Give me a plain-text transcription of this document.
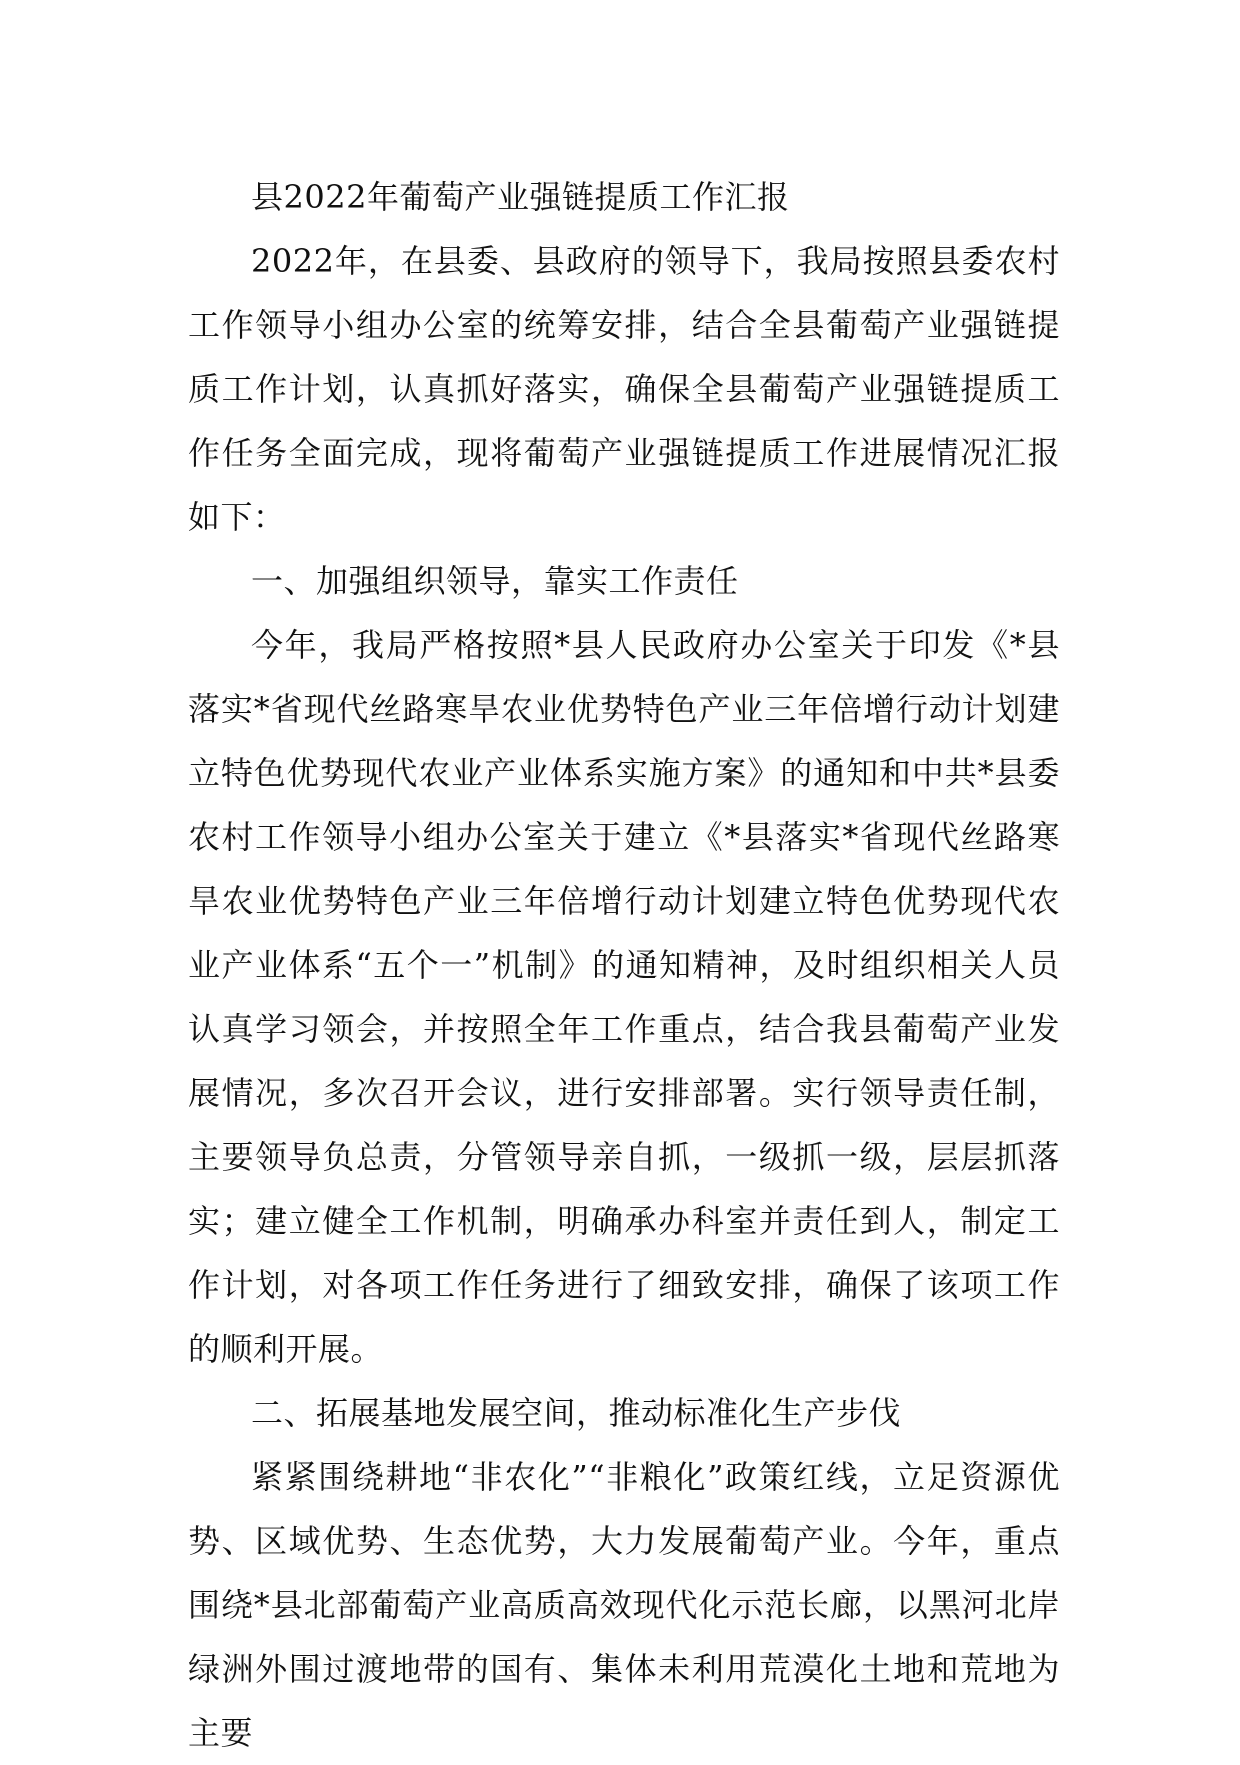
县2022年葡萄产业强链提质工作汇报

2022年，在县委、县政府的领导下，我局按照县委农村工作领导小组办公室的统筹安排，结合全县葡萄产业强链提质工作计划，认真抓好落实，确保全县葡萄产业强链提质工作任务全面完成，现将葡萄产业强链提质工作进展情况汇报如下：

一、加强组织领导，靠实工作责任

今年，我局严格按照*县人民政府办公室关于印发《*县落实*省现代丝路寒旱农业优势特色产业三年倍增行动计划建立特色优势现代农业产业体系实施方案》的通知和中共*县委农村工作领导小组办公室关于建立《*县落实*省现代丝路寒旱农业优势特色产业三年倍增行动计划建立特色优势现代农业产业体系“五个一”机制》的通知精神，及时组织相关人员认真学习领会，并按照全年工作重点，结合我县葡萄产业发展情况，多次召开会议，进行安排部署。实行领导责任制，主要领导负总责，分管领导亲自抓，一级抓一级，层层抓落实；建立健全工作机制，明确承办科室并责任到人，制定工作计划，对各项工作任务进行了细致安排，确保了该项工作的顺利开展。

二、拓展基地发展空间，推动标准化生产步伐

紧紧围绕耕地“非农化”“非粮化”政策红线，立足资源优势、区域优势、生态优势，大力发展葡萄产业。今年，重点围绕*县北部葡萄产业高质高效现代化示范长廊，以黑河北岸绿洲外围过渡地带的国有、集体未利用荒漠化土地和荒地为主要
